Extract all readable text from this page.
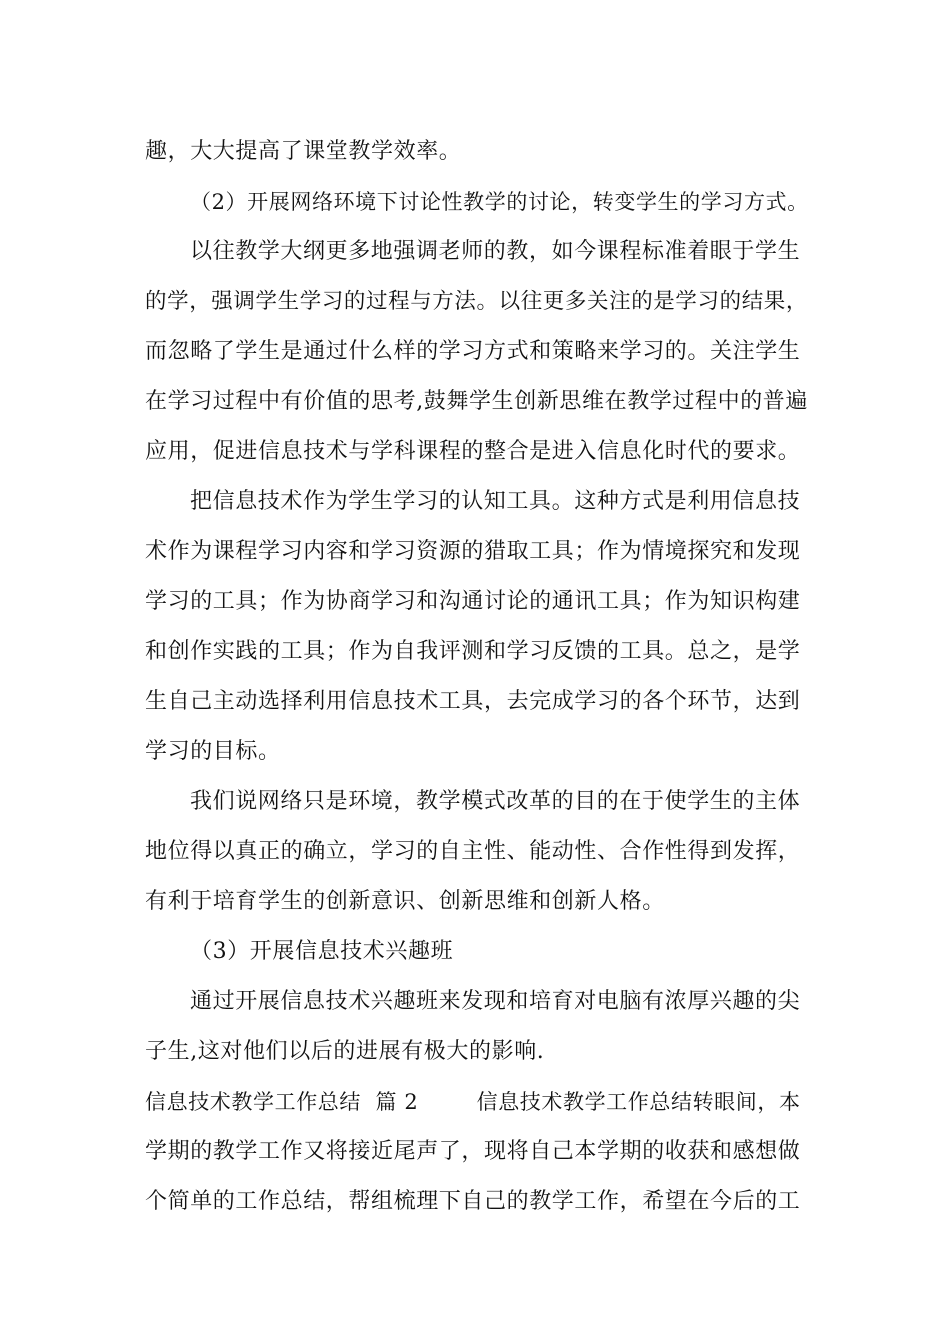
趣，大大提高了课堂教学效率。
（2）开展网络环境下讨论性教学的讨论，转变学生的学习方式。
以往教学大纲更多地强调老师的教，如今课程标准着眼于学生
的学，强调学生学习的过程与方法。以往更多关注的是学习的结果，
而忽略了学生是通过什么样的学习方式和策略来学习的。关注学生
在学习过程中有价值的思考,鼓舞学生创新思维在教学过程中的普遍
应用，促进信息技术与学科课程的整合是进入信息化时代的要求。
把信息技术作为学生学习的认知工具。这种方式是利用信息技
术作为课程学习内容和学习资源的猎取工具；作为情境探究和发现
学习的工具；作为协商学习和沟通讨论的通讯工具；作为知识构建
和创作实践的工具；作为自我评测和学习反馈的工具。总之，是学
生自己主动选择利用信息技术工具，去完成学习的各个环节，达到
学习的目标。
我们说网络只是环境，教学模式改革的目的在于使学生的主体
地位得以真正的确立，学习的自主性、能动性、合作性得到发挥，
有利于培育学生的创新意识、创新思维和创新人格。
（3）开展信息技术兴趣班
通过开展信息技术兴趣班来发现和培育对电脑有浓厚兴趣的尖
子生,这对他们以后的进展有极大的影响.
信息技术教学工作总结  篇 2        信息技术教学工作总结转眼间，本
学期的教学工作又将接近尾声了，现将自己本学期的收获和感想做
个简单的工作总结，帮组梳理下自己的教学工作，希望在今后的工
